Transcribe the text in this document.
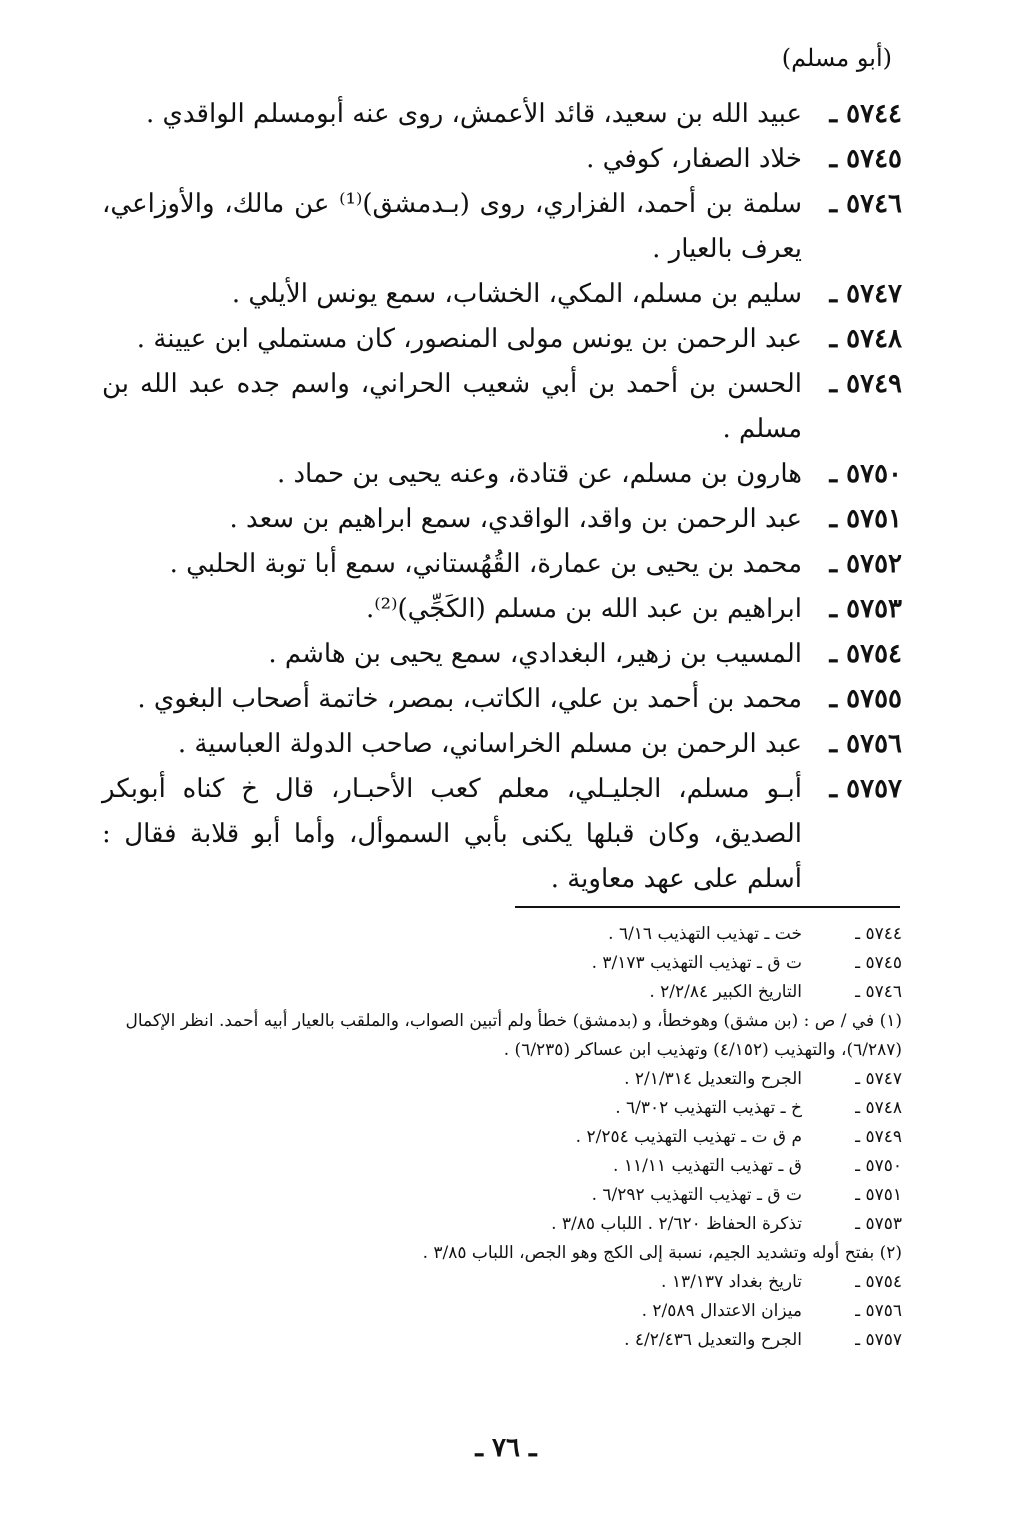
(أبو مسلم)
٥٧٤٤ ـ
عبيد الله بن سعيد، قائد الأعمش، روى عنه أبومسلم الواقدي .
٥٧٤٥ ـ
خلاد الصفار، كوفي .
٥٧٤٦ ـ
سلمة بن أحمد، الفزاري، روى (بـدمشق)⁽¹⁾ عن مالك، والأوزاعي، يعرف بالعيار .
٥٧٤٧ ـ
سليم بن مسلم، المكي، الخشاب، سمع يونس الأيلي .
٥٧٤٨ ـ
عبد الرحمن بن يونس مولى المنصور، كان مستملي ابن عيينة .
٥٧٤٩ ـ
الحسن بن أحمد بن أبي شعيب الحراني، واسم جده عبد الله بن مسلم .
٥٧٥٠ ـ
هارون بن مسلم، عن قتادة، وعنه يحيى بن حماد .
٥٧٥١ ـ
عبد الرحمن بن واقد، الواقدي، سمع ابراهيم بن سعد .
٥٧٥٢ ـ
محمد بن يحيى بن عمارة، القُهُستاني، سمع أبا توبة الحلبي .
٥٧٥٣ ـ
ابراهيم بن عبد الله بن مسلم (الكَجِّي)⁽²⁾.
٥٧٥٤ ـ
المسيب بن زهير، البغدادي، سمع يحيى بن هاشم .
٥٧٥٥ ـ
محمد بن أحمد بن علي، الكاتب، بمصر، خاتمة أصحاب البغوي .
٥٧٥٦ ـ
عبد الرحمن بن مسلم الخراساني، صاحب الدولة العباسية .
٥٧٥٧ ـ
أبـو مسلم، الجليـلي، معلم كعب الأحبـار، قال خ كناه أبوبكر الصديق، وكان قبلها يكنى بأبي السموأل، وأما أبو قلابة فقال : أسلم على عهد معاوية .
٥٧٤٤ ـ
خت ـ تهذيب التهذيب ٦/١٦ .
٥٧٤٥ ـ
ت ق ـ تهذيب التهذيب ٣/١٧٣ .
٥٧٤٦ ـ
التاريخ الكبير ٢/٢/٨٤ .
(١) في / ص : (بن مشق) وهوخطأ، و (بدمشق) خطأ ولم أتبين الصواب، والملقب بالعيار أبيه أحمد. انظر الإكمال (٦/٢٨٧)، والتهذيب (٤/١٥٢) وتهذيب ابن عساكر (٦/٢٣٥) .
٥٧٤٧ ـ
الجرح والتعديل ٢/١/٣١٤ .
٥٧٤٨ ـ
خ ـ تهذيب التهذيب ٦/٣٠٢ .
٥٧٤٩ ـ
م ق ت ـ تهذيب التهذيب ٢/٢٥٤ .
٥٧٥٠ ـ
ق ـ تهذيب التهذيب ١١/١١ .
٥٧٥١ ـ
ت ق ـ تهذيب التهذيب ٦/٢٩٢ .
٥٧٥٣ ـ
تذكرة الحفاظ ٢/٦٢٠ . اللباب ٣/٨٥ .
(٢) بفتح أوله وتشديد الجيم، نسبة إلى الكج وهو الجص، اللباب ٣/٨٥ .
٥٧٥٤ ـ
تاريخ بغداد ١٣/١٣٧ .
٥٧٥٦ ـ
ميزان الاعتدال ٢/٥٨٩ .
٥٧٥٧ ـ
الجرح والتعديل ٤/٢/٤٣٦ .
ـ ٧٦ ـ
